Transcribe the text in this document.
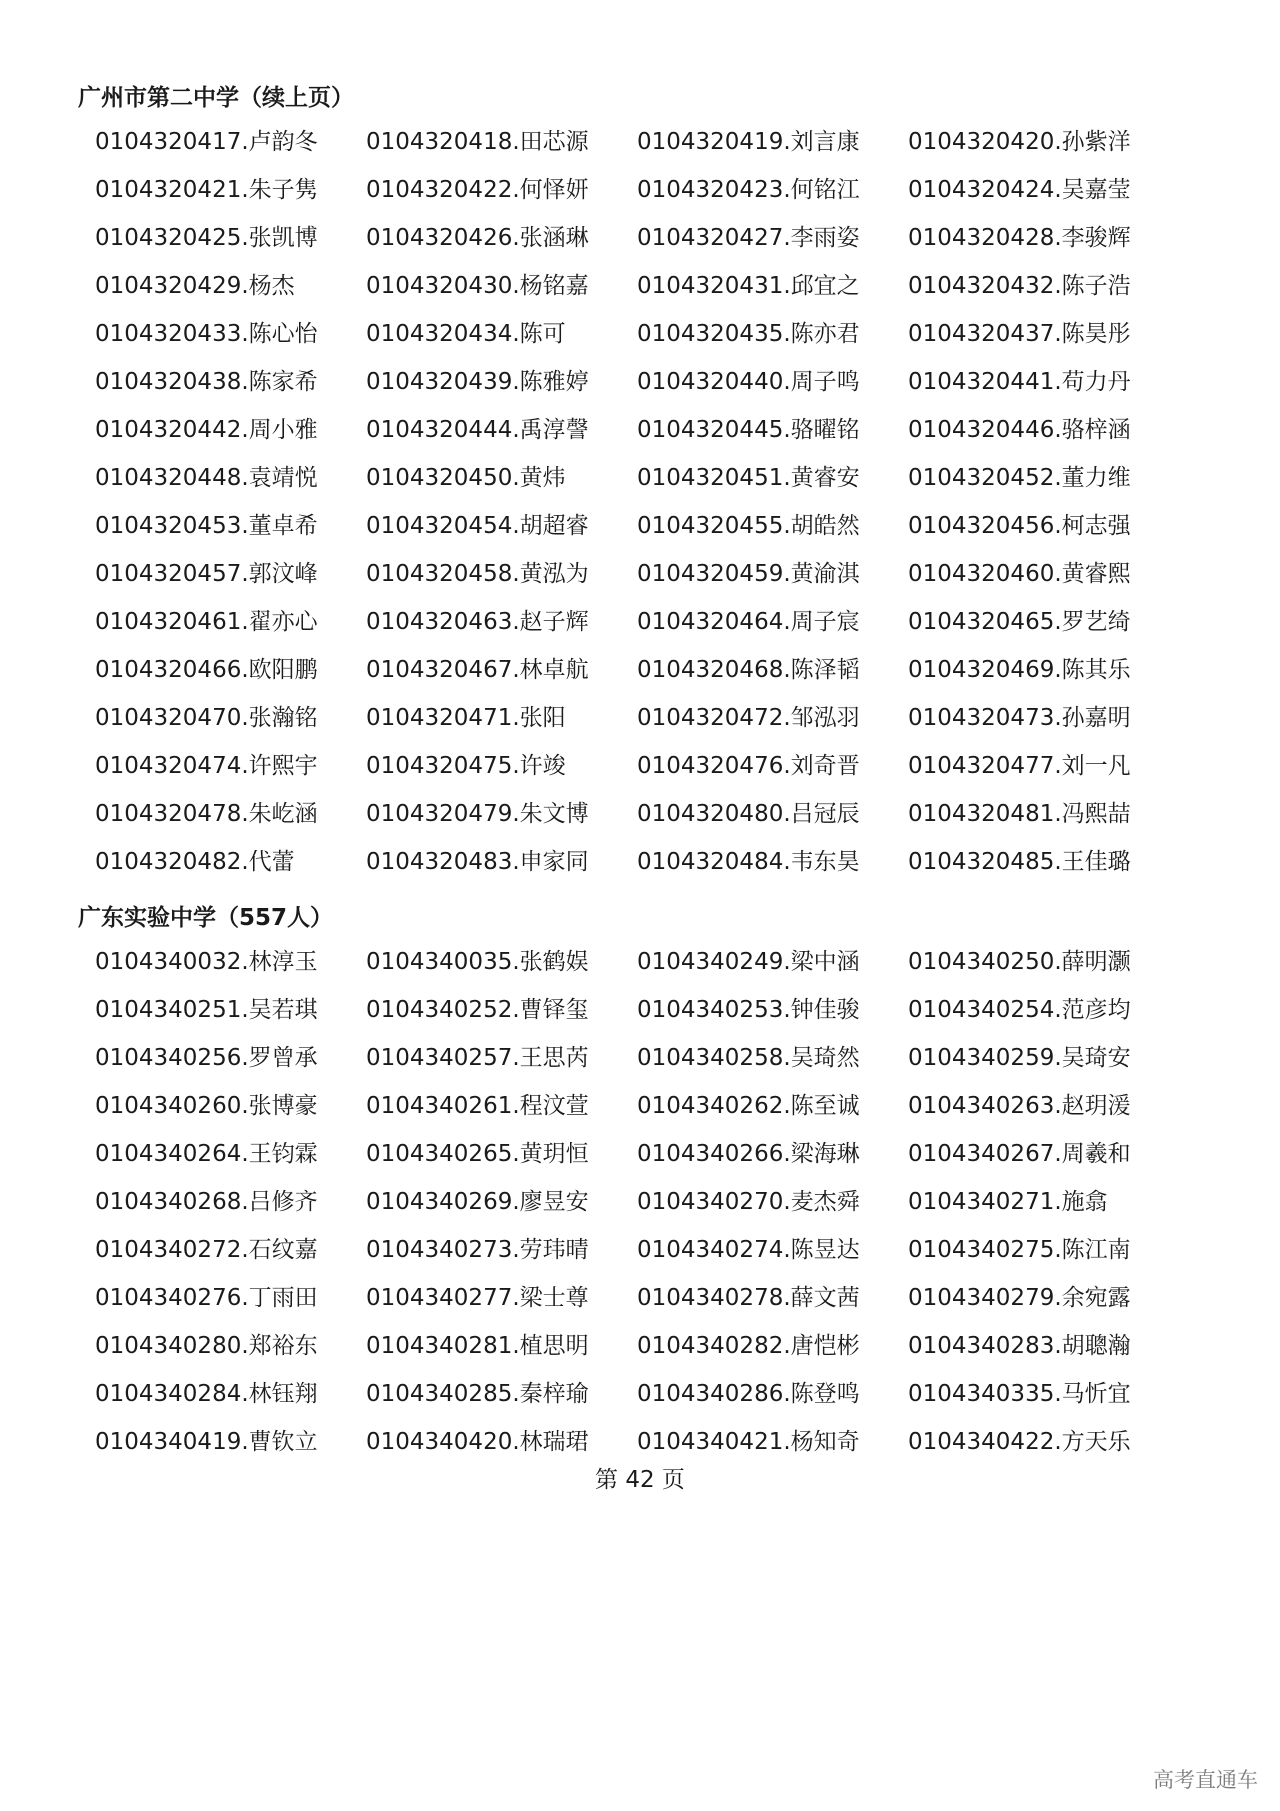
广州市第二中学（续上页）
0104320417.卢韵冬	0104320418.田芯源	0104320419.刘言康	0104320420.孙紫洋
0104320421.朱子隽	0104320422.何怿妍	0104320423.何铭江	0104320424.吴嘉莹
0104320425.张凯博	0104320426.张涵琳	0104320427.李雨姿	0104320428.李骏辉
0104320429.杨杰	0104320430.杨铭嘉	0104320431.邱宜之	0104320432.陈子浩
0104320433.陈心怡	0104320434.陈可	0104320435.陈亦君	0104320437.陈昊彤
0104320438.陈家希	0104320439.陈雅婷	0104320440.周子鸣	0104320441.苟力丹
0104320442.周小雅	0104320444.禹淳謦	0104320445.骆曜铭	0104320446.骆梓涵
0104320448.袁靖悦	0104320450.黄炜	0104320451.黄睿安	0104320452.董力维
0104320453.董卓希	0104320454.胡超睿	0104320455.胡皓然	0104320456.柯志强
0104320457.郭汶峰	0104320458.黄泓为	0104320459.黄渝淇	0104320460.黄睿熙
0104320461.翟亦心	0104320463.赵子辉	0104320464.周子宸	0104320465.罗艺绮
0104320466.欧阳鹏	0104320467.林卓航	0104320468.陈泽韬	0104320469.陈其乐
0104320470.张瀚铭	0104320471.张阳	0104320472.邹泓羽	0104320473.孙嘉明
0104320474.许熙宇	0104320475.许竣	0104320476.刘奇晋	0104320477.刘一凡
0104320478.朱屹涵	0104320479.朱文博	0104320480.吕冠辰	0104320481.冯熙喆
0104320482.代蕾	0104320483.申家同	0104320484.韦东昊	0104320485.王佳璐
广东实验中学（557人）
0104340032.林淳玉	0104340035.张鹤娱	0104340249.梁中涵	0104340250.薛明灏
0104340251.吴若琪	0104340252.曹铎玺	0104340253.钟佳骏	0104340254.范彦均
0104340256.罗曾承	0104340257.王思芮	0104340258.吴琦然	0104340259.吴琦安
0104340260.张博豪	0104340261.程汶萱	0104340262.陈至诚	0104340263.赵玥湲
0104340264.王钧霖	0104340265.黄玥恒	0104340266.梁海琳	0104340267.周羲和
0104340268.吕修齐	0104340269.廖昱安	0104340270.麦杰舜	0104340271.施翕
0104340272.石纹嘉	0104340273.劳玮晴	0104340274.陈昱达	0104340275.陈江南
0104340276.丁雨田	0104340277.梁士尊	0104340278.薛文茜	0104340279.余宛露
0104340280.郑裕东	0104340281.植思明	0104340282.唐恺彬	0104340283.胡聰瀚
0104340284.林钰翔	0104340285.秦梓瑜	0104340286.陈登鸣	0104340335.马忻宜
0104340419.曹钦立	0104340420.林瑞珺	0104340421.杨知奇	0104340422.方天乐
第 42 页
高考直通车
